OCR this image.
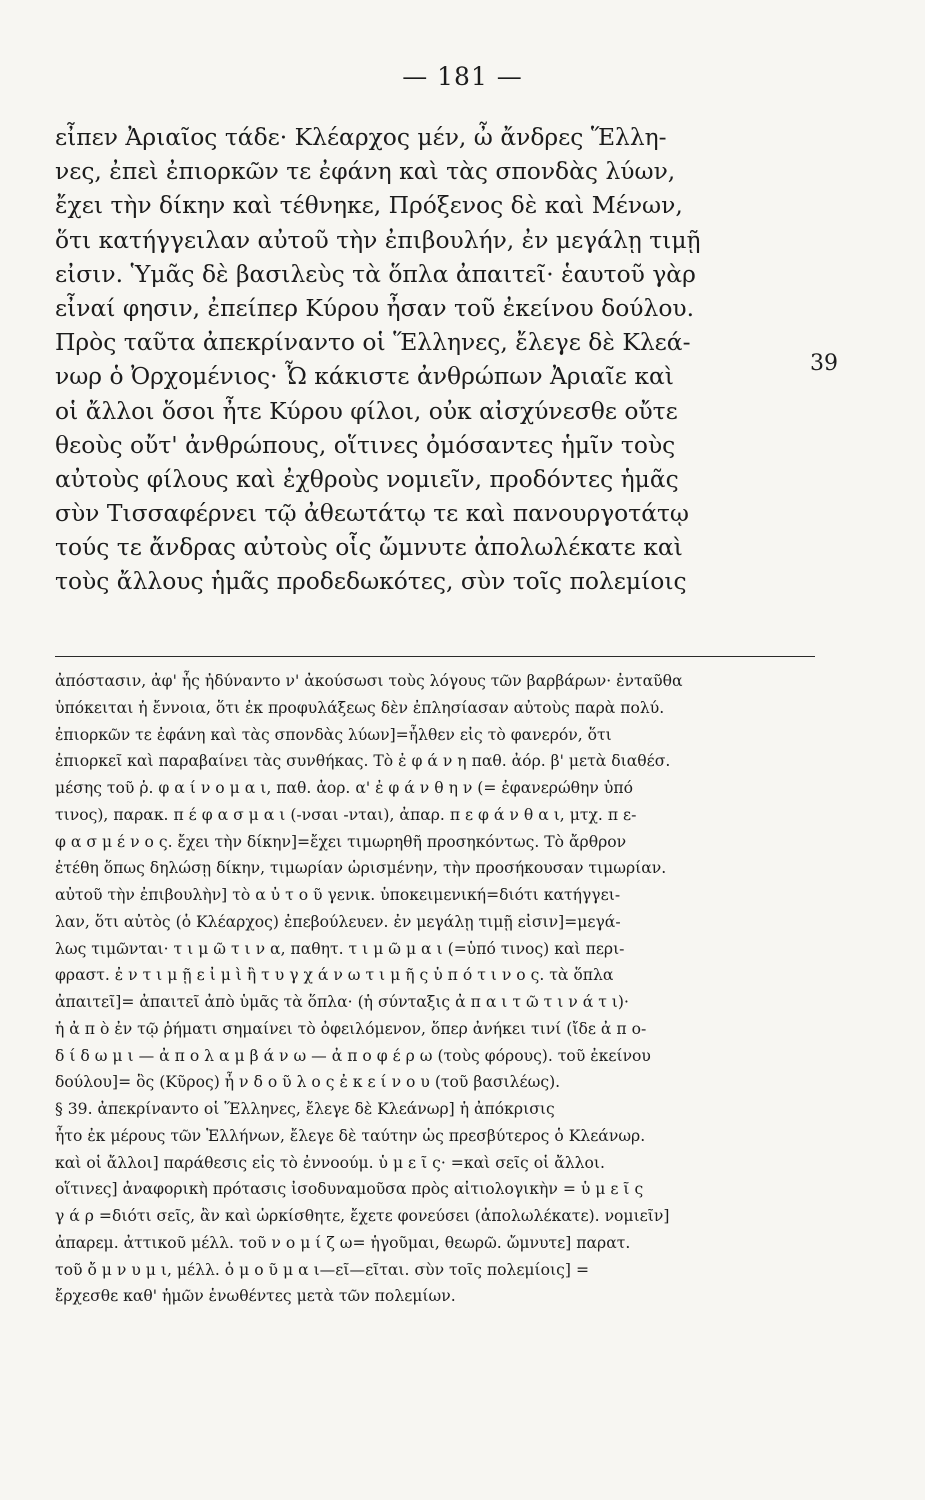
— 181 —
εἶπεν Ἀριαῖος τάδε· Κλέαρχος μέν, ὦ ἄνδρες Ἕλλη-
νες, ἐπεὶ ἐπιορκῶν τε ἐφάνη καὶ τὰς σπονδὰς λύων,
ἔχει τὴν δίκην καὶ τέθνηκε, Πρόξενος δὲ καὶ Μένων,
ὅτι κατήγγειλαν αὐτοῦ τὴν ἐπιβουλήν, ἐν μεγάλῃ τιμῇ
εἰσιν. Ὑμᾶς δὲ βασιλεὺς τὰ ὅπλα ἀπαιτεῖ· ἑαυτοῦ γὰρ
εἶναί φησιν, ἐπείπερ Κύρου ἦσαν τοῦ ἐκείνου δούλου.
Πρὸς ταῦτα ἀπεκρίναντο οἱ Ἕλληνες, ἔλεγε δὲ Κλεά-
νωρ ὁ Ὀρχομένιος· Ὦ κάκιστε ἀνθρώπων Ἀριαῖε καὶ
οἱ ἄλλοι ὅσοι ἦτε Κύρου φίλοι, οὐκ αἰσχύνεσθε οὔτε
θεοὺς οὔτ' ἀνθρώπους, οἵτινες ὀμόσαντες ἡμῖν τοὺς
αὐτοὺς φίλους καὶ ἐχθροὺς νομιεῖν, προδόντες ἡμᾶς
σὺν Τισσαφέρνει τῷ ἀθεωτάτῳ τε καὶ πανουργοτάτῳ
τούς τε ἄνδρας αὐτοὺς οἷς ὤμνυτε ἀπολωλέκατε καὶ
τοὺς ἄλλους ἡμᾶς προδεδωκότες, σὺν τοῖς πολεμίοις
39
ἀπόστασιν, ἀφ' ἧς ἠδύναντο ν' ἀκούσωσι τοὺς λόγους τῶν βαρβάρων· ἐνταῦθα
ὑπόκειται ἡ ἔννοια, ὅτι ἐκ προφυλάξεως δὲν ἐπλησίασαν αὐτοὺς παρὰ πολύ.
ἐπιορκῶν τε ἐφάνη καὶ τὰς σπονδὰς λύων]=ἦλθεν εἰς τὸ φανερόν, ὅτι
ἐπιορκεῖ καὶ παραβαίνει τὰς συνθήκας. Τὸ ἐ φ ά ν η παθ. ἀόρ. β' μετὰ διαθέσ.
μέσης τοῦ ῥ. φ α ί ν ο μ α ι, παθ. ἀορ. α' ἐ φ ά ν θ η ν (= ἐφανερώθην ὑπό
τινος), παρακ. π έ φ α σ μ α ι (-νσαι -νται), ἀπαρ. π ε φ ά ν θ α ι, μτχ. π ε-
φ α σ μ έ ν ο ς. ἔχει τὴν δίκην]=ἔχει τιμωρηθῆ προσηκόντως. Τὸ ἄρθρον
ἐτέθη ὅπως δηλώσῃ δίκην, τιμωρίαν ὡρισμένην, τὴν προσήκουσαν τιμωρίαν.
αὐτοῦ τὴν ἐπιβουλὴν] τὸ α ὐ τ ο ῦ γενικ. ὑποκειμενική=διότι κατήγγει-
λαν, ὅτι αὐτὸς (ὁ Κλέαρχος) ἐπεβούλευεν. ἐν μεγάλῃ τιμῇ εἰσιν]=μεγά-
λως τιμῶνται· τ ι μ ῶ τ ι ν α, παθητ. τ ι μ ῶ μ α ι (=ὑπό τινος) καὶ περι-
φραστ. ἐ ν τ ι μ ῇ ε ἰ μ ὶ ἢ τ υ γ χ ά ν ω τ ι μ ῆ ς ὑ π ό τ ι ν ο ς. τὰ ὅπλα
ἀπαιτεῖ]= ἀπαιτεῖ ἀπὸ ὑμᾶς τὰ ὅπλα· (ἡ σύνταξις ἀ π α ι τ ῶ τ ι ν ά τ ι)·
ἡ ἀ π ὸ ἐν τῷ ῥήματι σημαίνει τὸ ὀφειλόμενον, ὅπερ ἀνήκει τινί (ἴδε ἀ π ο-
δ ί δ ω μ ι — ἀ π ο λ α μ β ά ν ω — ἀ π ο φ έ ρ ω (τοὺς φόρους). τοῦ ἐκείνου
δούλου]= ὃς (Κῦρος) ἦ ν δ ο ῦ λ ο ς ἐ κ ε ί ν ο υ (τοῦ βασιλέως).
§ 39. ἀπεκρίναντο οἱ Ἕλληνες, ἔλεγε δὲ Κλεάνωρ] ἡ ἀπόκρισις
ἦτο ἐκ μέρους τῶν Ἑλλήνων, ἔλεγε δὲ ταύτην ὡς πρεσβύτερος ὁ Κλεάνωρ.
καὶ οἱ ἄλλοι] παράθεσις εἰς τὸ ἐννοούμ. ὑ μ ε ῖ ς· =καὶ σεῖς οἱ ἄλλοι.
οἵτινες] ἀναφορικὴ πρότασις ἰσοδυναμοῦσα πρὸς αἰτιολογικὴν = ὑ μ ε ῖ ς
γ ά ρ =διότι σεῖς, ἂν καὶ ὡρκίσθητε, ἔχετε φονεύσει (ἀπολωλέκατε). νομιεῖν]
ἀπαρεμ. ἀττικοῦ μέλλ. τοῦ ν ο μ ί ζ ω= ἡγοῦμαι, θεωρῶ. ὤμνυτε] παρατ.
τοῦ ὄ μ ν υ μ ι, μέλλ. ὀ μ ο ῦ μ α ι—εῖ—εῖται. σὺν τοῖς πολεμίοις] =
ἔρχεσθε καθ' ἡμῶν ἑνωθέντες μετὰ τῶν πολεμίων.
